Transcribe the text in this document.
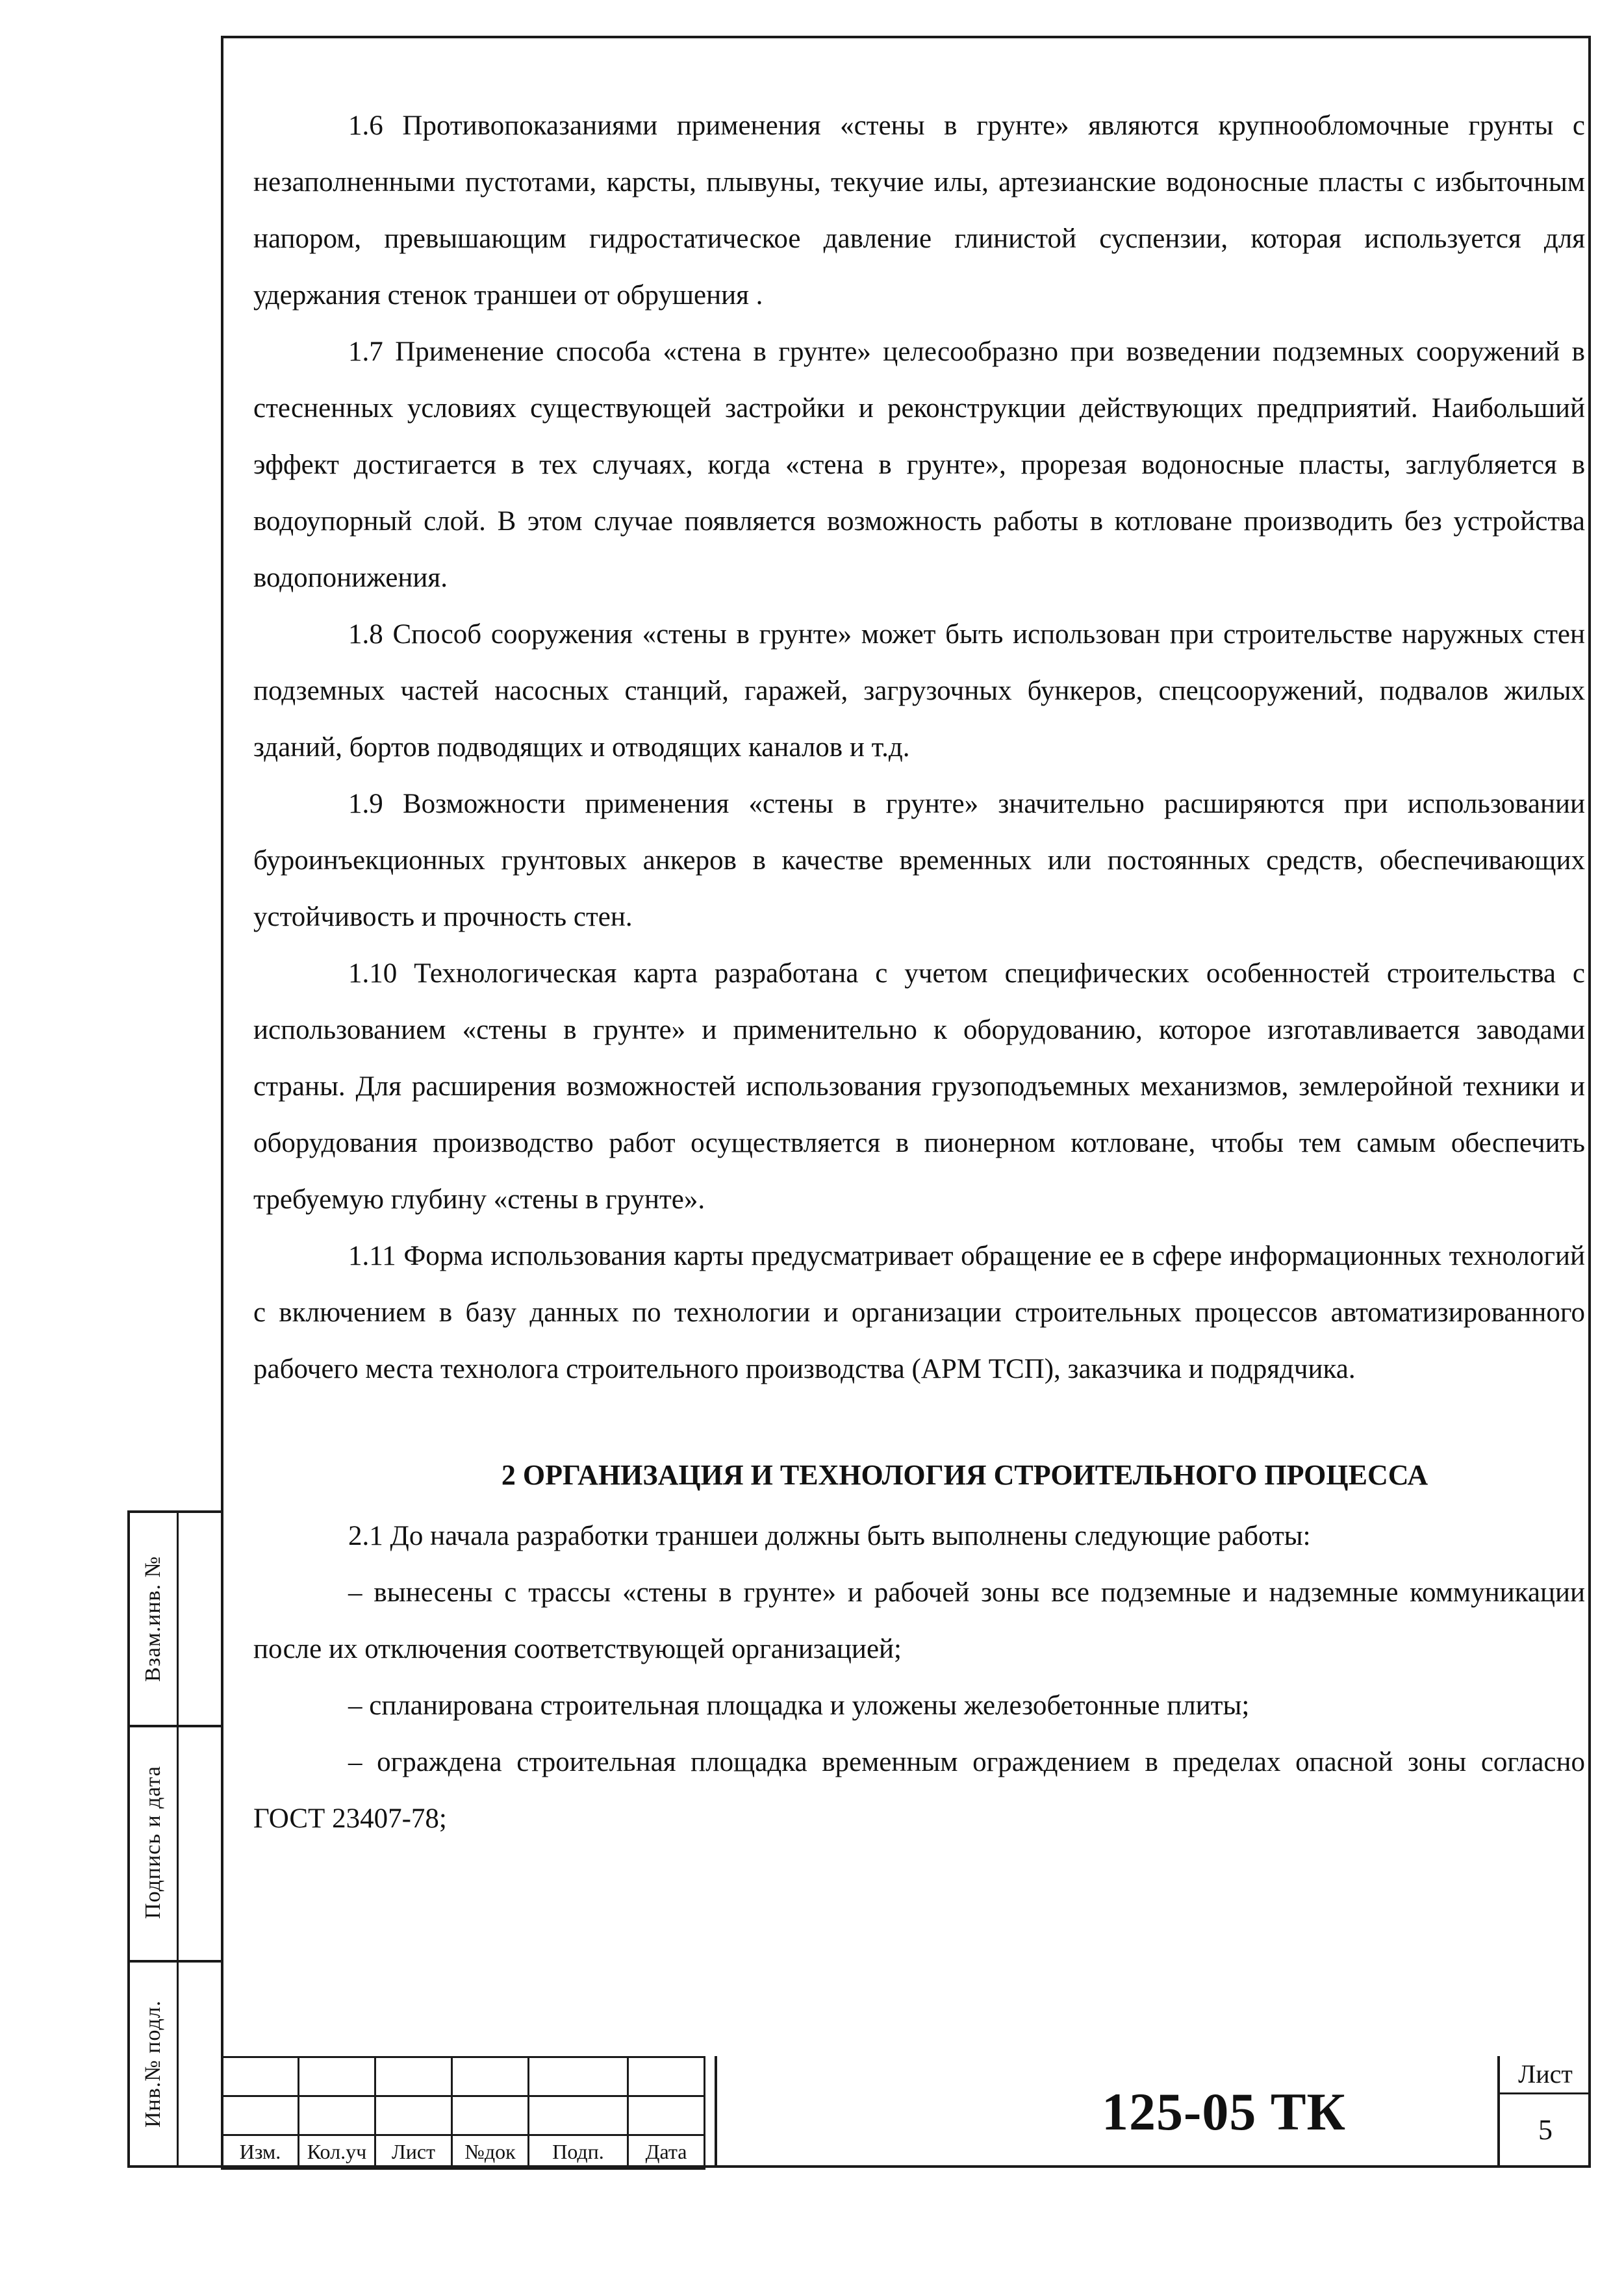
Взам.инв. №
Подпись и дата
Инв.№ подл.

1.6 Противопоказаниями применения «стены в грунте» являются крупнообломочные грунты с незаполненными пустотами, карсты, плывуны, текучие илы, артезианские водоносные пласты с избыточным напором, превышающим гидростатическое давление глинистой суспензии, которая используется для удержания стенок траншеи от обрушения .

1.7 Применение способа «стена в грунте» целесообразно при возведении подземных сооружений в стесненных условиях существующей застройки и реконструкции действующих предприятий. Наибольший эффект достигается в тех случаях, когда «стена в грунте», прорезая водоносные пласты, заглубляется в водоупорный слой. В этом случае появляется возможность работы в котловане производить без устройства водопонижения.

1.8 Способ сооружения «стены в грунте» может быть использован при строительстве наружных стен подземных частей насосных станций, гаражей, загрузочных бункеров, спецсооружений, подвалов жилых зданий, бортов подводящих и отводящих каналов и т.д.

1.9 Возможности применения «стены в грунте» значительно расширяются при использовании буроинъекционных грунтовых анкеров в качестве временных или постоянных средств, обеспечивающих устойчивость и прочность стен.

1.10 Технологическая карта разработана с учетом специфических особенностей строительства с использованием «стены в грунте» и применительно к оборудованию, которое изготавливается заводами страны. Для расширения возможностей использования грузоподъемных механизмов, землеройной техники и оборудования производство работ осуществляется в пионерном котловане, чтобы тем самым обеспечить требуемую глубину «стены в грунте».

1.11 Форма использования карты предусматривает обращение ее в сфере информационных технологий с включением в базу данных по технологии и организации строительных процессов автоматизированного рабочего места технолога строительного производства (АРМ ТСП), заказчика и подрядчика.

2 ОРГАНИЗАЦИЯ И ТЕХНОЛОГИЯ СТРОИТЕЛЬНОГО ПРОЦЕССА

2.1 До начала разработки траншеи должны быть выполнены следующие работы:

– вынесены с трассы «стены в грунте» и рабочей зоны все подземные и надземные коммуникации после их отключения соответствующей организацией;

– спланирована строительная площадка и уложены железобетонные плиты;

– ограждена строительная площадка временным ограждением в пределах опасной зоны согласно ГОСТ 23407-78;

Изм.	Кол.уч	Лист	№док	Подп.	Дата
125-05 ТК
Лист
5
